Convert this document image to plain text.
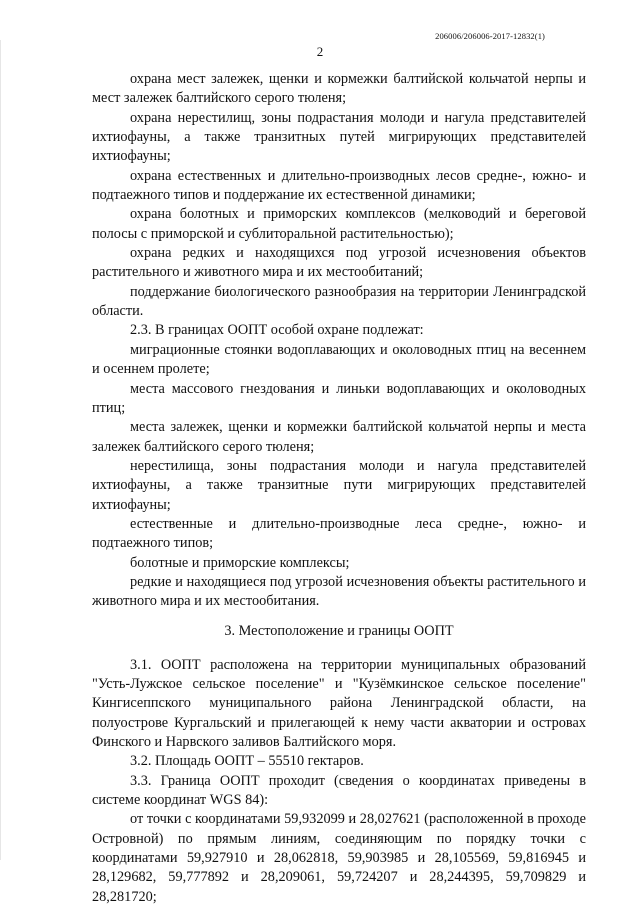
206006/206006-2017-12832(1)
2

охрана мест залежек, щенки и кормежки балтийской кольчатой нерпы и мест залежек балтийского серого тюленя;

охрана нерестилищ, зоны подрастания молоди и нагула представителей ихтиофауны, а также транзитных путей мигрирующих представителей ихтиофауны;

охрана естественных и длительно-производных лесов средне-, южно- и подтаежного типов и поддержание их естественной динамики;

охрана болотных и приморских комплексов (мелководий и береговой полосы с приморской и сублиторальной растительностью);

охрана редких и находящихся под угрозой исчезновения объектов растительного и животного мира и их местообитаний;

поддержание биологического разнообразия на территории Ленинградской области.

2.3. В границах ООПТ особой охране подлежат:

миграционные стоянки водоплавающих и околоводных птиц на весеннем и осеннем пролете;

места массового гнездования и линьки водоплавающих и околоводных птиц;

места залежек, щенки и кормежки балтийской кольчатой нерпы и места залежек балтийского серого тюленя;

нерестилища, зоны подрастания молоди и нагула представителей ихтиофауны, а также транзитные пути мигрирующих представителей ихтиофауны;

естественные и длительно-производные леса средне-, южно- и подтаежного типов;

болотные и приморские комплексы;

редкие и находящиеся под угрозой исчезновения объекты растительного и животного мира и их местообитания.

3. Местоположение и границы ООПТ

3.1. ООПТ расположена на территории муниципальных образований "Усть-Лужское сельское поселение" и "Кузёмкинское сельское поселение" Кингисеппского муниципального района Ленинградской области, на полуострове Кургальский и прилегающей к нему части акватории и островах Финского и Нарвского заливов Балтийского моря.

3.2. Площадь ООПТ – 55510 гектаров.

3.3. Граница ООПТ проходит (сведения о координатах приведены в системе координат WGS 84):

от точки с координатами 59,932099 и 28,027621 (расположенной в проходе Островной) по прямым линиям, соединяющим по порядку точки с координатами 59,927910 и 28,062818, 59,903985 и 28,105569, 59,816945 и 28,129682, 59,777892 и 28,209061, 59,724207 и 28,244395, 59,709829 и 28,281720;
